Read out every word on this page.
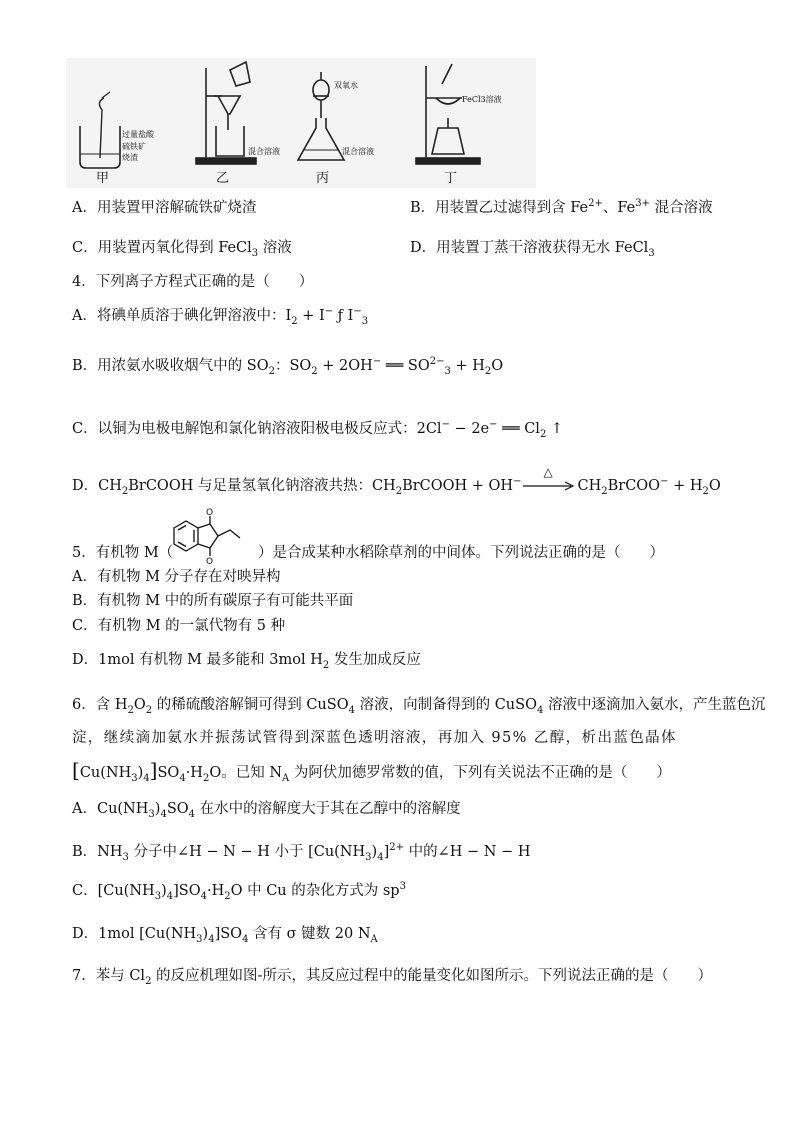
过量盐酸
硫铁矿
烧渣
甲
混合溶液
乙
双氧水
混合溶液
丙
FeCl3溶液
丁
A．用装置甲溶解硫铁矿烧渣	B．用装置乙过滤得到含 $Fe^{2+}$、$Fe^{3+}$ 混合溶液
C．用装置丙氧化得到 FeCl$_3$ 溶液	D．用装置丁蒸干溶液获得无水 FeCl$_3$
4．下列离子方程式正确的是（　　）
A．将碘单质溶于碘化钾溶液中：$I_2 + I^-$ ƒ $I^-_3$
B．用浓氨水吸收烟气中的 $SO_2$：$SO_2 + 2OH^-$ ══ $SO^{2-}_3 + H_2O$
C．以铜为电极电解饱和氯化钠溶液阳极电极反应式：2Cl− − 2e− ══ $Cl_2$ ↑
D．$CH_2BrCOOH$ 与足量氢氧化钠溶液共热：$CH_2BrCOOH + OH^-$
△
$CH_2BrCOO^- + H_2O$
5．有机物 M（
O
O
）是合成某种水稻除草剂的中间体。下列说法正确的是（　　）
A．有机物 M 分子存在对映异构
B．有机物 M 中的所有碳原子有可能共平面
C．有机物 M 的一氯代物有 5 种
D．1mol 有机物 M 最多能和 3mol $H_2$ 发生加成反应
6．含 $H_2O_2$ 的稀硫酸溶解铜可得到 CuSO$_4$ 溶液，向制备得到的 CuSO$_4$ 溶液中逐滴加入氨水，产生蓝色沉
淀，继续滴加氨水并振荡试管得到深蓝色透明溶液，再加入 95% 乙醇，析出蓝色晶体
$[Cu(NH_3)_4]SO_4\cdot H_2O$。已知 $N_A$ 为阿伏加德罗常数的值，下列有关说法不正确的是（　　）
A．$Cu(NH_3)_4SO_4$ 在水中的溶解度大于其在乙醇中的溶解度
B．$NH_3$ 分子中∠H − N − H 小于 $[Cu(NH_3)_4]^{2+}$ 中的∠H − N − H
C．$[Cu(NH_3)_4]SO_4\cdot H_2O$ 中 Cu 的杂化方式为 $sp^3$
D．1mol $[Cu(NH_3)_4]SO_4$ 含有 σ 键数 20 $N_A$
7．苯与 $Cl_2$ 的反应机理如图-所示，其反应过程中的能量变化如图所示。下列说法正确的是（　　）
